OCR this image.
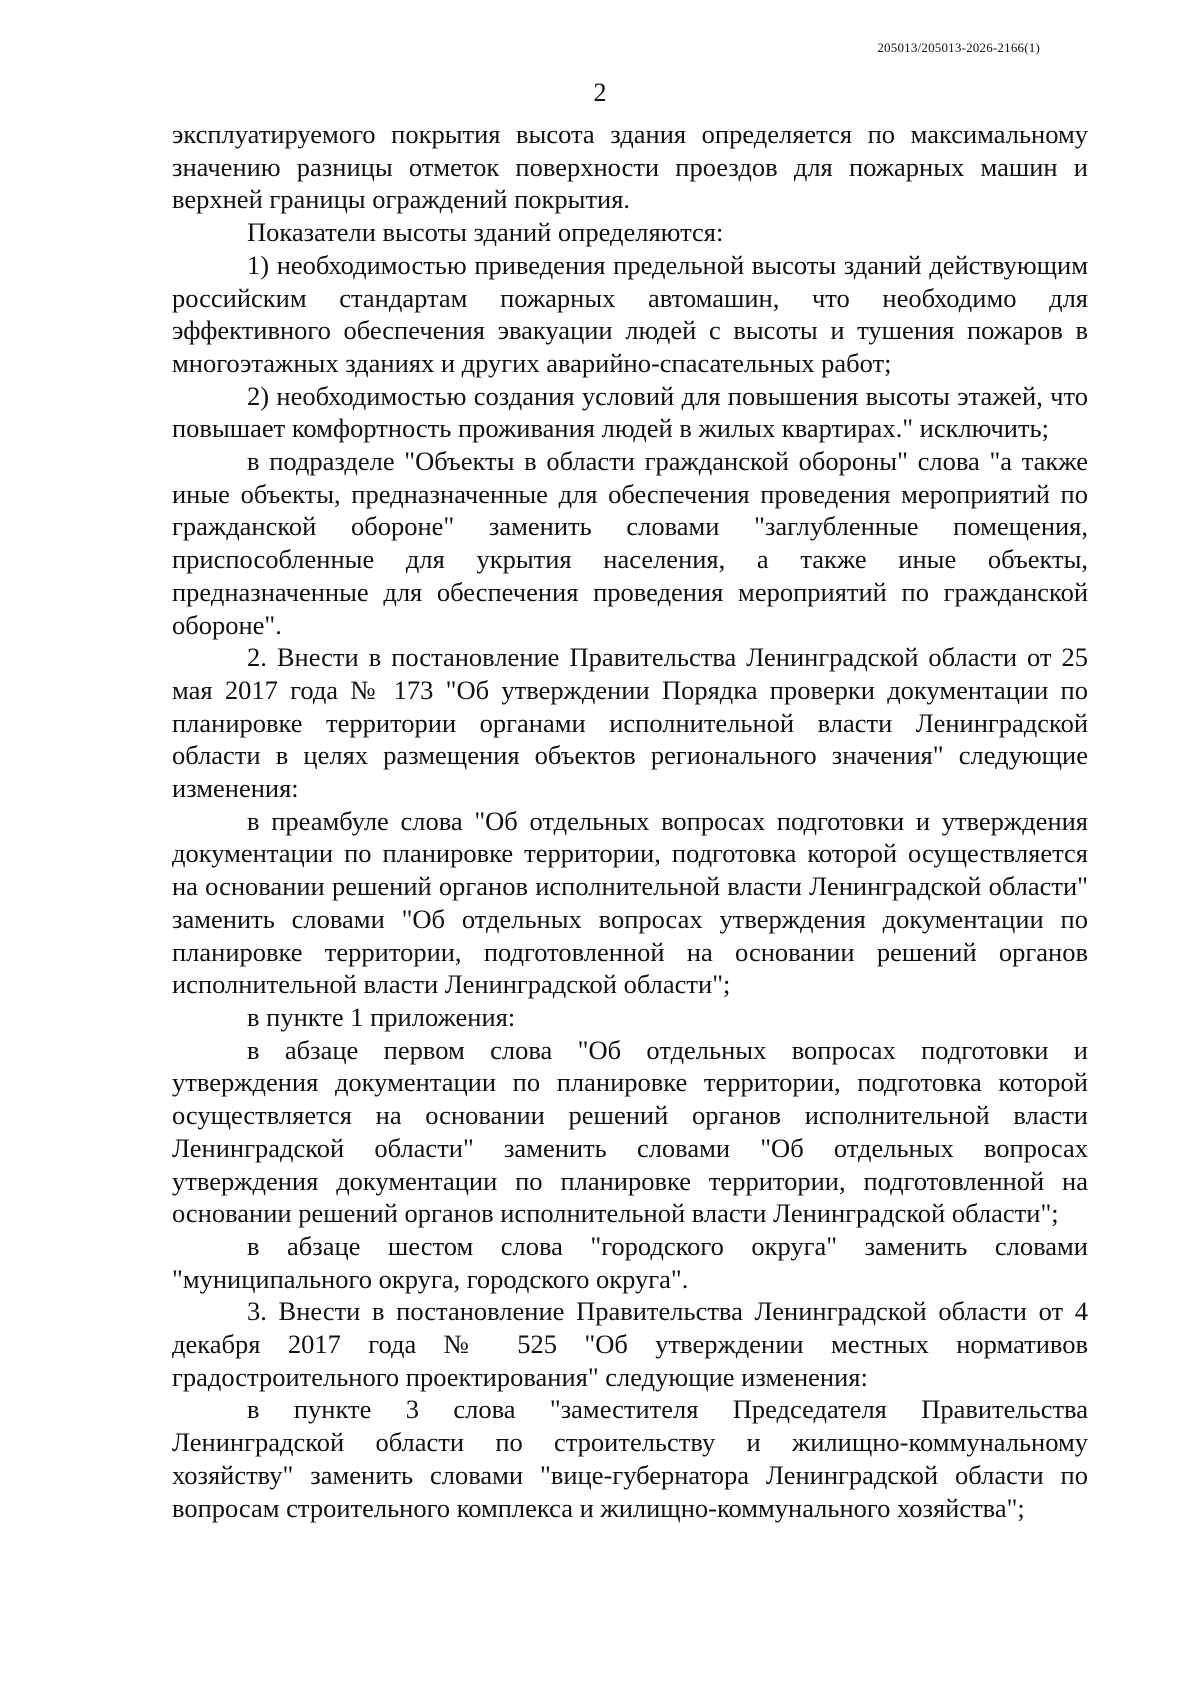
205013/205013-2026-2166(1)
2

эксплуатируемого покрытия высота здания определяется по максимальному значению разницы отметок поверхности проездов для пожарных машин и верхней границы ограждений покрытия.

Показатели высоты зданий определяются:

1) необходимостью приведения предельной высоты зданий действующим российским стандартам пожарных автомашин, что необходимо для эффективного обеспечения эвакуации людей с высоты и тушения пожаров в многоэтажных зданиях и других аварийно-спасательных работ;

2) необходимостью создания условий для повышения высоты этажей, что повышает комфортность проживания людей в жилых квартирах." исключить;

в подразделе "Объекты в области гражданской обороны" слова "а также иные объекты, предназначенные для обеспечения проведения мероприятий по гражданской обороне" заменить словами "заглубленные помещения, приспособленные для укрытия населения, а также иные объекты, предназначенные для обеспечения проведения мероприятий по гражданской обороне".

2. Внести в постановление Правительства Ленинградской области от 25 мая 2017 года № 173 "Об утверждении Порядка проверки документации по планировке территории органами исполнительной власти Ленинградской области в целях размещения объектов регионального значения" следующие изменения:

в преамбуле слова "Об отдельных вопросах подготовки и утверждения документации по планировке территории, подготовка которой осуществляется на основании решений органов исполнительной власти Ленинградской области" заменить словами "Об отдельных вопросах утверждения документации по планировке территории, подготовленной на основании решений органов исполнительной власти Ленинградской области";

в пункте 1 приложения:

в абзаце первом слова "Об отдельных вопросах подготовки и утверждения документации по планировке территории, подготовка которой осуществляется на основании решений органов исполнительной власти Ленинградской области" заменить словами "Об отдельных вопросах утверждения документации по планировке территории, подготовленной на основании решений органов исполнительной власти Ленинградской области";

в абзаце шестом слова "городского округа" заменить словами "муниципального округа, городского округа".

3. Внести в постановление Правительства Ленинградской области от 4 декабря 2017 года № 525 "Об утверждении местных нормативов градостроительного проектирования" следующие изменения:

в пункте 3 слова "заместителя Председателя Правительства Ленинградской области по строительству и жилищно-коммунальному хозяйству" заменить словами "вице-губернатора Ленинградской области по вопросам строительного комплекса и жилищно-коммунального хозяйства";
